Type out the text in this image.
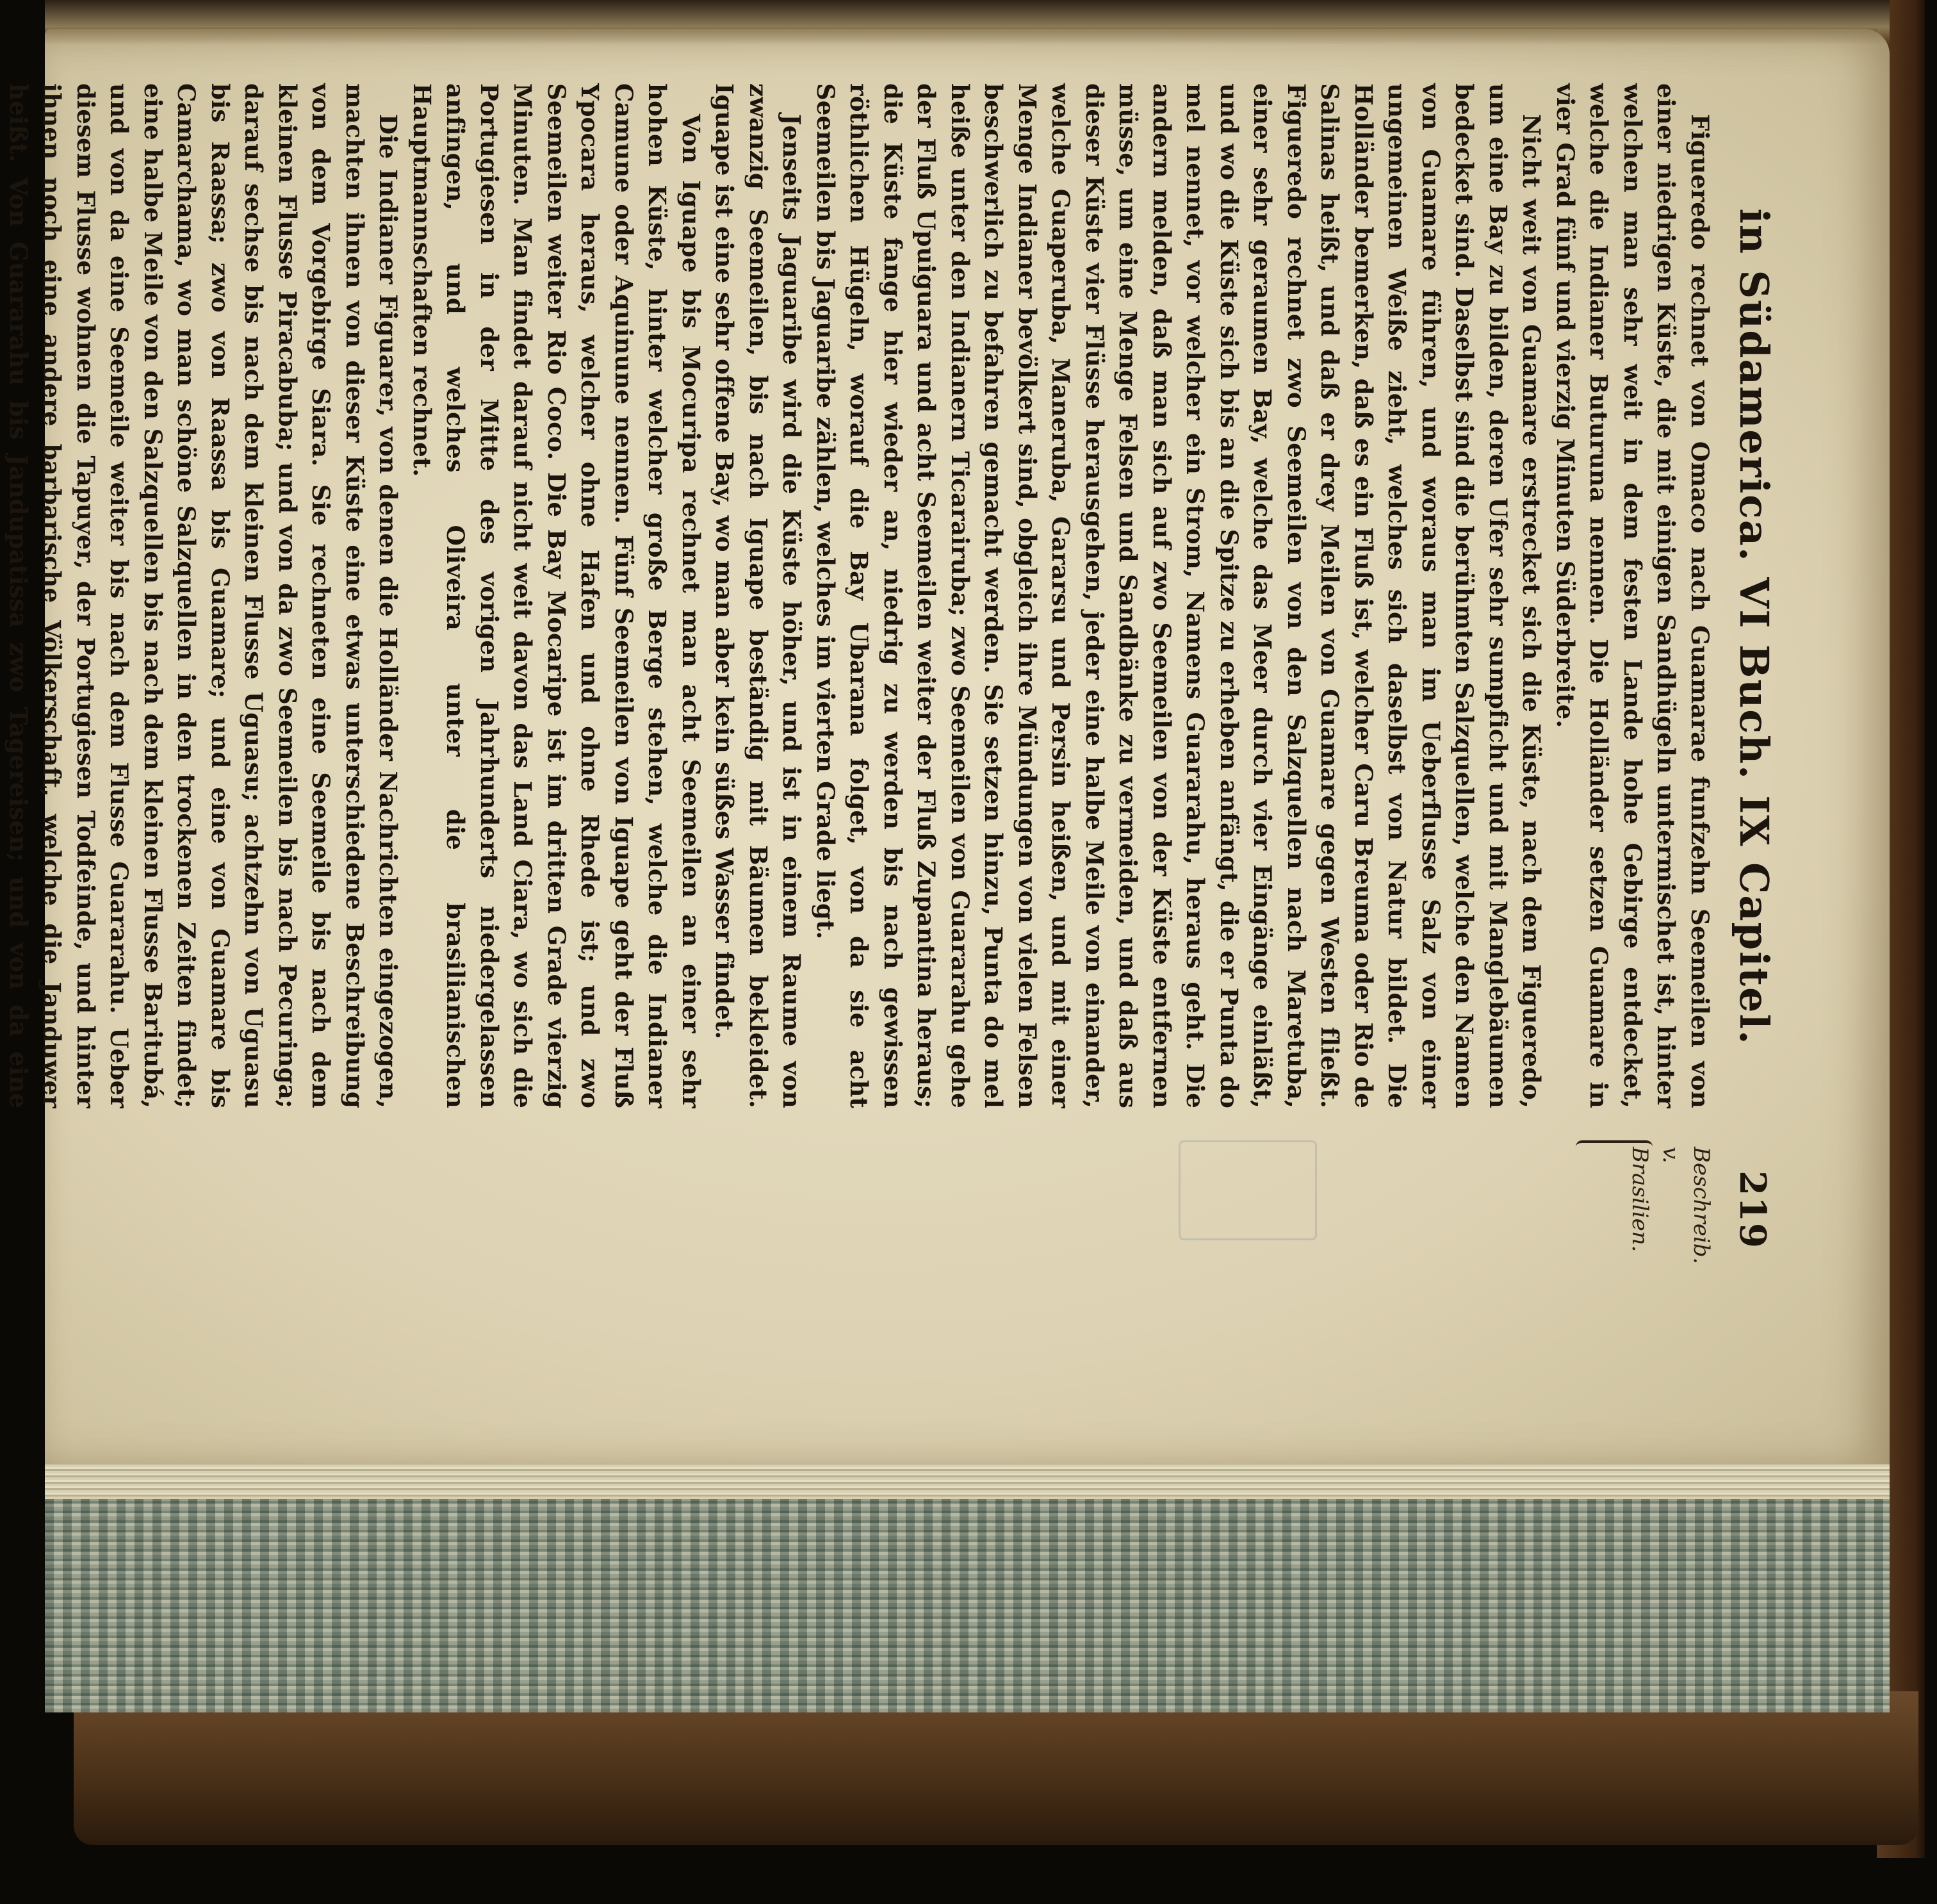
in Südamerica. VI Buch. IX Capitel.
219
Beschreib. v. Brasilien.

Figueredo rechnet von Omaco nach Guamarae funfzehn Seemeilen von einer niedrigen Küste, die mit einigen Sandhügeln untermischet ist, hinter welchen man sehr weit in dem festen Lande hohe Gebirge entdecket, welche die Indianer Buturuna nennen. Die Holländer setzen Guamare in vier Grad fünf und vierzig Minuten Süderbreite.

Nicht weit von Guamare erstrecket sich die Küste, nach dem Figueredo, um eine Bay zu bilden, deren Ufer sehr sumpficht und mit Manglebäumen bedecket sind. Daselbst sind die berühmten Salzquellen, welche den Namen von Guamare führen, und woraus man im Ueberflusse Salz von einer ungemeinen Weiße zieht, welches sich daselbst von Natur bildet. Die Holländer bemerken, daß es ein Fluß ist, welcher Caru Breuma oder Rio de Salinas heißt, und daß er drey Meilen von Guamare gegen Westen fließt. Figueredo rechnet zwo Seemeilen von den Salzquellen nach Maretuba, einer sehr geraumen Bay, welche das Meer durch vier Eingänge einläßt, und wo die Küste sich bis an die Spitze zu erheben anfängt, die er Punta do mel nennet, vor welcher ein Strom, Namens Guararahu, heraus geht. Die andern melden, daß man sich auf zwo Seemeilen von der Küste entfernen müsse, um eine Menge Felsen und Sandbänke zu vermeiden, und daß aus dieser Küste vier Flüsse herausgehen, jeder eine halbe Meile von einander, welche Guaperuba, Maneruba, Gararsu und Persin heißen, und mit einer Menge Indianer bevölkert sind, obgleich ihre Mündungen von vielen Felsen beschwerlich zu befahren gemacht werden. Sie setzen hinzu, Punta do mel heiße unter den Indianern Ticarairuba; zwo Seemeilen von Guararahu gehe der Fluß Upuiguara und acht Seemeilen weiter der Fluß Zupantina heraus; die Küste fange hier wieder an, niedrig zu werden bis nach gewissen röthlichen Hügeln, worauf die Bay Ubarana folget, von da sie acht Seemeilen bis Jaguaribe zählen, welches im vierten Grade liegt.

Jenseits Jaguaribe wird die Küste höher, und ist in einem Raume von zwanzig Seemeilen, bis nach Iguape beständig mit Bäumen bekleidet. Iguape ist eine sehr offene Bay, wo man aber kein süßes Wasser findet.

Von Iguape bis Mocuripa rechnet man acht Seemeilen an einer sehr hohen Küste, hinter welcher große Berge stehen, welche die Indianer Camune oder Aquinune nennen. Fünf Seemeilen von Iguape geht der Fluß Ypocara heraus, welcher ohne Hafen und ohne Rhede ist; und zwo Seemeilen weiter Rio Coco. Die Bay Mocaripe ist im dritten Grade vierzig Minuten. Man findet darauf nicht weit davon das Land Ciara, wo sich die Portugiesen in der Mitte des vorigen Jahrhunderts niedergelassen anfingen, und welches Oliveira unter die brasilianischen Hauptmannschaften rechnet.

Die Indianer Figuarer, von denen die Holländer Nachrichten eingezogen, machten ihnen von dieser Küste eine etwas unterschiedene Beschreibung von dem Vorgebirge Siara. Sie rechneten eine Seemeile bis nach dem kleinen Flusse Piracabuba; und von da zwo Seemeilen bis nach Pecuringa; darauf sechse bis nach dem kleinen Flusse Uguasu; achtzehn von Uguasu bis Raassa; zwo von Raassa bis Guamare; und eine von Guamare bis Camarchama, wo man schöne Salzquellen in den trockenen Zeiten findet; eine halbe Meile von den Salzquellen bis nach dem kleinen Flusse Baritubá, und von da eine Seemeile weiter bis nach dem Flusse Guararahu. Ueber diesem Flusse wohnen die Tapuyer, der Portugiesen Todfeinde, und hinter ihnen noch eine andere barbarische Völkerschaft, welche die Janduwer heißt. Von Guararahu bis Jandupatissa zwo Tagereisen; und von da eine
